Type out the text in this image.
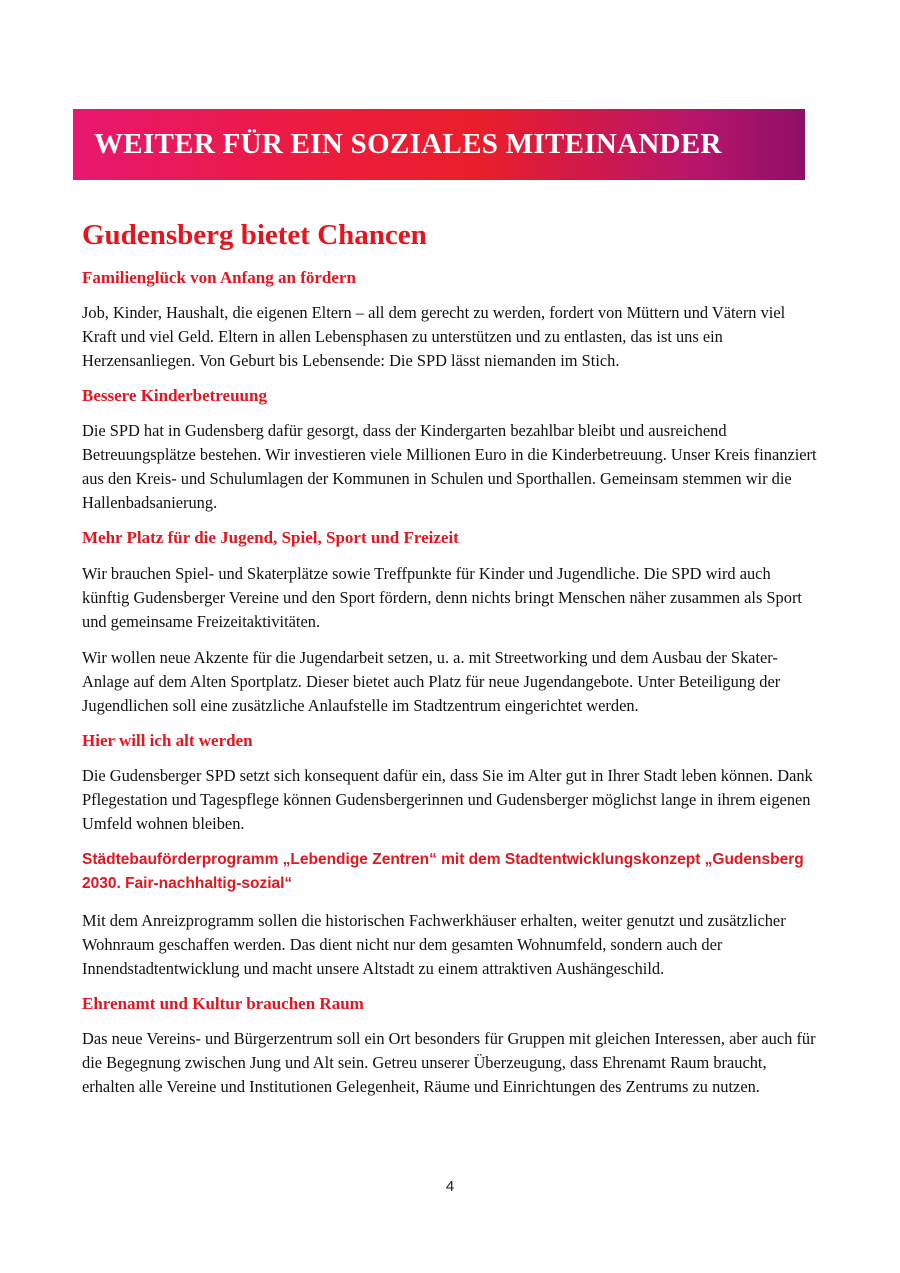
WEITER FÜR EIN SOZIALES MITEINANDER
Gudensberg bietet Chancen
Familienglück von Anfang an fördern

Job, Kinder, Haushalt, die eigenen Eltern – all dem gerecht zu werden, fordert von Müttern und Vätern viel Kraft und viel Geld. Eltern in allen Lebensphasen zu unterstützen und zu entlasten, das ist uns ein Herzensanliegen. Von Geburt bis Lebensende: Die SPD lässt niemanden im Stich.

Bessere Kinderbetreuung

Die SPD hat in Gudensberg dafür gesorgt, dass der Kindergarten bezahlbar bleibt und ausreichend Betreuungsplätze bestehen. Wir investieren viele Millionen Euro in die Kinderbetreuung. Unser Kreis finanziert aus den Kreis- und Schulumlagen der Kommunen in Schulen und Sporthallen. Gemeinsam stemmen wir die Hallenbadsanierung.

Mehr Platz für die Jugend, Spiel, Sport und Freizeit

Wir brauchen Spiel- und Skaterplätze sowie Treffpunkte für Kinder und Jugendliche. Die SPD wird auch künftig Gudensberger Vereine und den Sport fördern, denn nichts bringt Menschen näher zusammen als Sport und gemeinsame Freizeitaktivitäten.

Wir wollen neue Akzente für die Jugendarbeit setzen, u. a. mit Streetworking und dem Ausbau der Skater-Anlage auf dem Alten Sportplatz. Dieser bietet auch Platz für neue Jugendangebote. Unter Beteiligung der Jugendlichen soll eine zusätzliche Anlaufstelle im Stadtzentrum eingerichtet werden.

Hier will ich alt werden

Die Gudensberger SPD setzt sich konsequent dafür ein, dass Sie im Alter gut in Ihrer Stadt leben können. Dank Pflegestation und Tagespflege können Gudensbergerinnen und Gudensberger möglichst lange in ihrem eigenen Umfeld wohnen bleiben.

Städtebauförderprogramm „Lebendige Zentren“ mit dem Stadtentwicklungskonzept „Gudensberg 2030. Fair-nachhaltig-sozial“

Mit dem Anreizprogramm sollen die historischen Fachwerkhäuser erhalten, weiter genutzt und zusätzlicher Wohnraum geschaffen werden. Das dient nicht nur dem gesamten Wohnumfeld, sondern auch der Innendstadtentwicklung und macht unsere Altstadt zu einem attraktiven Aushängeschild.

Ehrenamt und Kultur brauchen Raum

Das neue Vereins- und Bürgerzentrum soll ein Ort besonders für Gruppen mit gleichen Interessen, aber auch für die Begegnung zwischen Jung und Alt sein. Getreu unserer Überzeugung, dass Ehrenamt Raum braucht, erhalten alle Vereine und Institutionen Gelegenheit, Räume und Einrichtungen des Zentrums zu nutzen.

4
